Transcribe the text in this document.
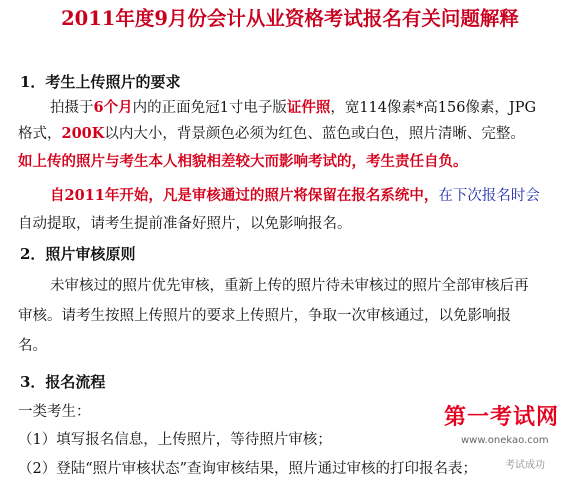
2011年度9月份会计从业资格考试报名有关问题解释
1．考生上传照片的要求
拍摄于6个月内的正面免冠1寸电子版证件照，宽114像素*高156像素，JPG
格式，200K以内大小，背景颜色必须为红色、蓝色或白色，照片清晰、完整。
如上传的照片与考生本人相貌相差较大而影响考试的，考生责任自负。
自2011年开始，凡是审核通过的照片将保留在报名系统中，在下次报名时会
自动提取，请考生提前准备好照片，以免影响报名。
2．照片审核原则
未审核过的照片优先审核，重新上传的照片待未审核过的照片全部审核后再
审核。请考生按照上传照片的要求上传照片，争取一次审核通过，以免影响报
名。
3．报名流程
一类考生：
（1）填写报名信息，上传照片，等待照片审核；
（2）登陆“照片审核状态”查询审核结果，照片通过审核的打印报名表；
第一考试网
www.onekao.com
考试成功
